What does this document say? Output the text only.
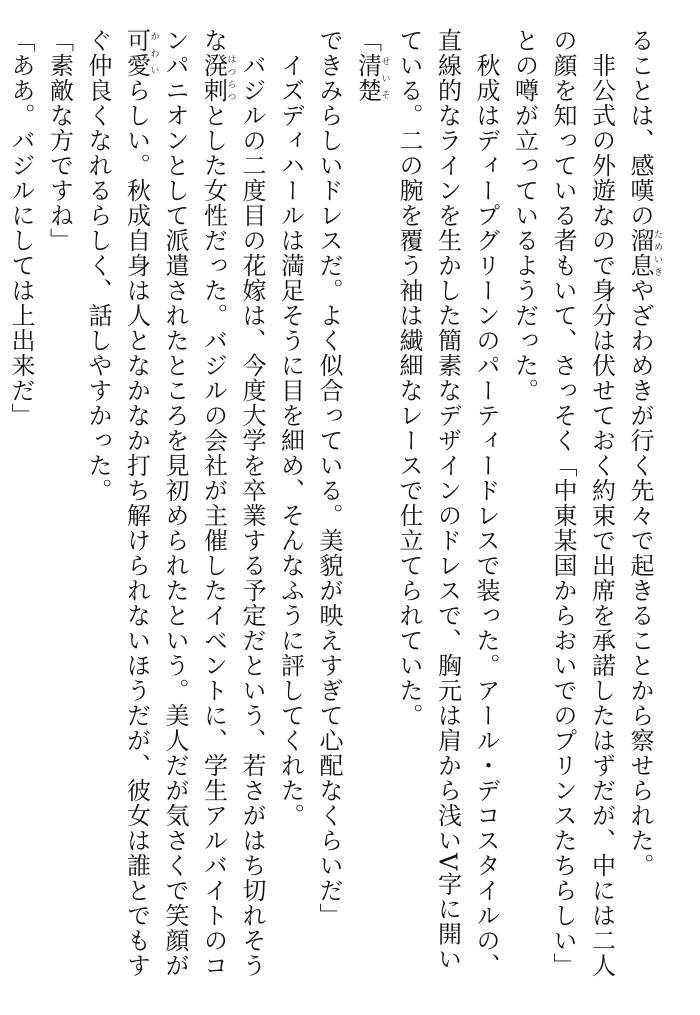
ることは、感嘆の溜息ためいきやざわめきが行く先々で起きることから察せられた。

　非公式の外遊なので身分は伏せておく約束で出席を承諾したはずだが、中には二人の顔を知っている者もいて、さっそく「中東某国からおいでのプリンスたちらしい」との噂が立っているようだった。

　秋成はディープグリーンのパーティードレスで装った。アール・デコスタイルの、直線的なラインを生かした簡素なデザインのドレスで、胸元は肩から浅いV字に開いている。二の腕を覆う袖は繊細なレースで仕立てられていた。

「清楚せいそできみらしいドレスだ。よく似合っている。美貌が映えすぎて心配なくらいだ」

　イズディハールは満足そうに目を細め、そんなふうに評してくれた。

　バジルの二度目の花嫁は、今度大学を卒業する予定だという、若さがはち切れそうな溌剌はつらつとした女性だった。バジルの会社が主催したイベントに、学生アルバイトのコンパニオンとして派遣されたところを見初められたという。美人だが気さくで笑顔が可愛かわいらしい。秋成自身は人となかなか打ち解けられないほうだが、彼女は誰とでもすぐ仲良くなれるらしく、話しやすかった。

「素敵な方ですね」

「ああ。バジルにしては上出来だ」
